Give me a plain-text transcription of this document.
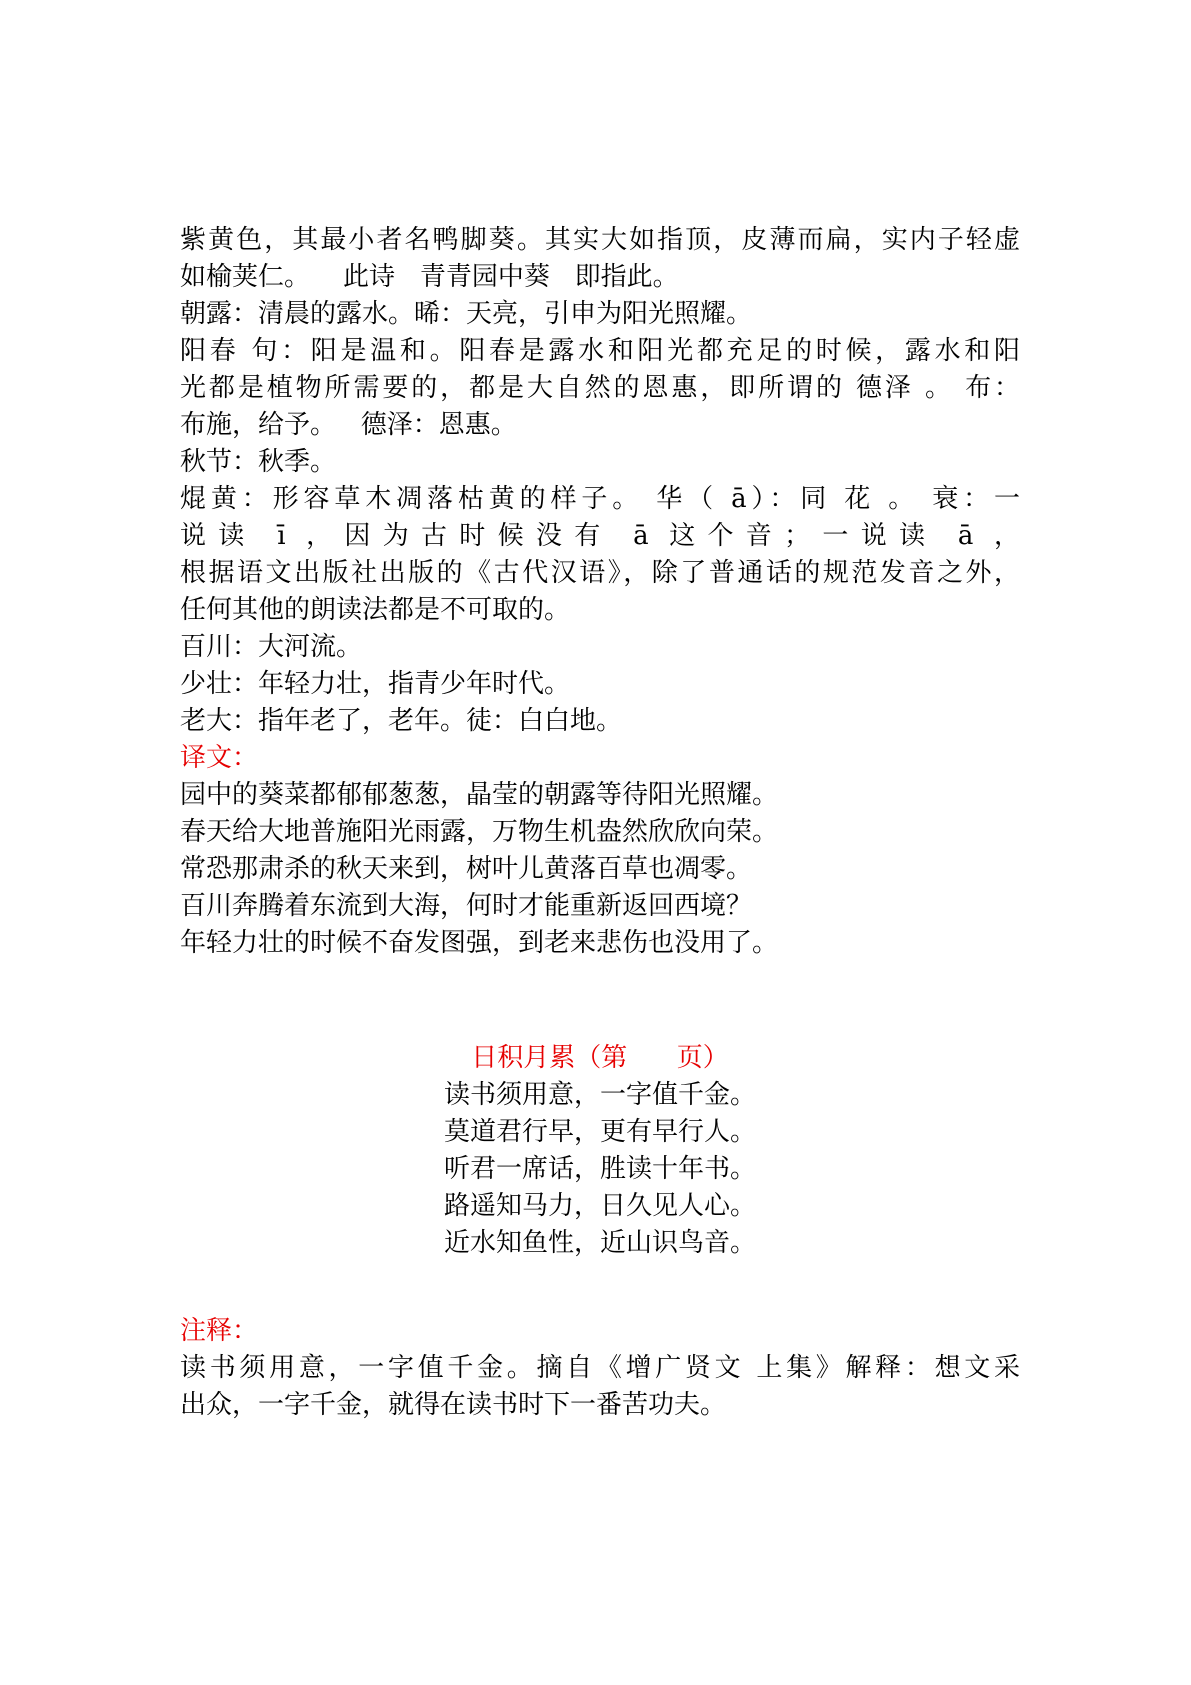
紫黄色，其最小者名鸭脚葵。其实大如指顶，皮薄而扁，实内子轻虚
如榆荚仁。    此诗   青青园中葵   即指此。
朝露：清晨的露水。晞：天亮，引申为阳光照耀。
阳春 句：阳是温和。阳春是露水和阳光都充足的时候，露水和阳
光都是植物所需要的，都是大自然的恩惠，即所谓的 德泽 。 布：
布施，给予。   德泽：恩惠。
秋节：秋季。
焜黄：形容草木凋落枯黄的样子。 华（ ā）：同 花 。 衰：一
说读 ī ，因为古时候没有 ā 这个音；一说读 ā ，
根据语文出版社出版的《古代汉语》，除了普通话的规范发音之外，
任何其他的朗读法都是不可取的。
百川：大河流。
少壮：年轻力壮，指青少年时代。
老大：指年老了，老年。徒：白白地。
译文：
园中的葵菜都郁郁葱葱，晶莹的朝露等待阳光照耀。
春天给大地普施阳光雨露，万物生机盎然欣欣向荣。
常恐那肃杀的秋天来到，树叶儿黄落百草也凋零。
百川奔腾着东流到大海，何时才能重新返回西境？
年轻力壮的时候不奋发图强，到老来悲伤也没用了。
日积月累（第      页）
读书须用意，一字值千金。
莫道君行早，更有早行人。
听君一席话，胜读十年书。
路遥知马力，日久见人心。
近水知鱼性，近山识鸟音。
注释：
读书须用意，一字值千金。摘自《增广贤文 上集》解释：想文采
出众，一字千金，就得在读书时下一番苦功夫。
